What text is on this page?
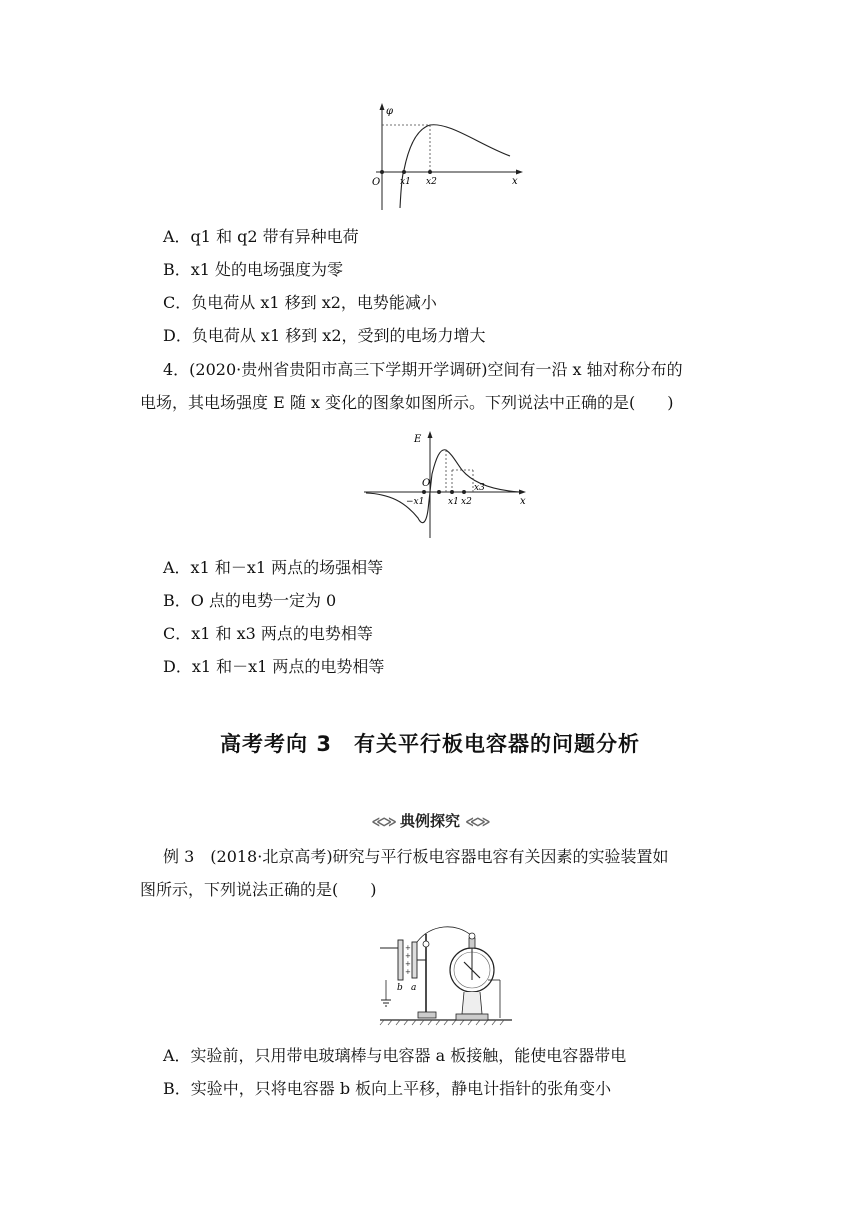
φ
x
O x1 x2
A．q1 和 q2 带有异种电荷
B．x1 处的电场强度为零
C．负电荷从 x1 移到 x2，电势能减小
D．负电荷从 x1 移到 x2，受到的电场力增大
4．(2020·贵州省贵阳市高三下学期开学调研)空间有一沿 x 轴对称分布的
电场，其电场强度 E 随 x 变化的图象如图所示。下列说法中正确的是(　　)
E
x
O
−x1	x1 x2
x3
A．x1 和－x1 两点的场强相等
B．O 点的电势一定为 0
C．x1 和 x3 两点的电势相等
D．x1 和－x1 两点的电势相等
高考考向 3　有关平行板电容器的问题分析
≪≫ 典例探究 ≪≫
例 3　(2018·北京高考)研究与平行板电容器电容有关因素的实验装置如
图所示，下列说法正确的是(　　)
+
+
+
+
b a
A．实验前，只用带电玻璃棒与电容器 a 板接触，能使电容器带电
B．实验中，只将电容器 b 板向上平移，静电计指针的张角变小
